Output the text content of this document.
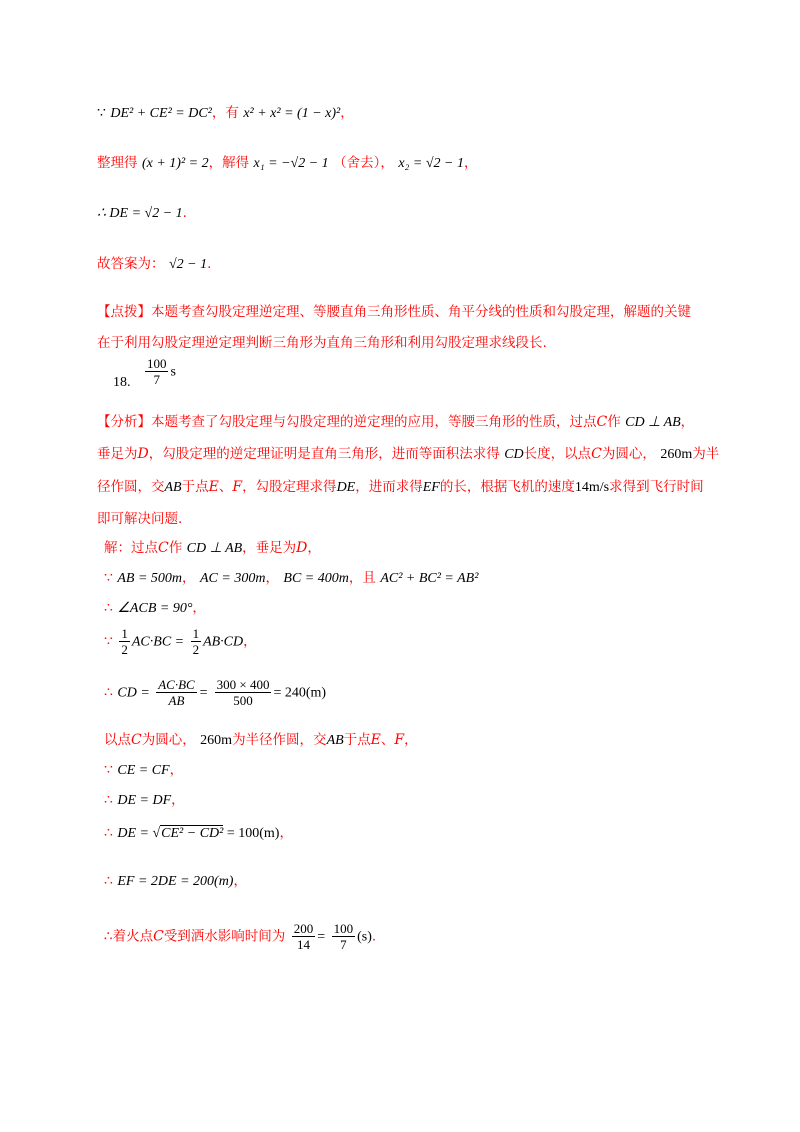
∵ DE² + CE² = DC²，有 x² + x² = (1 − x)²，
整理得 (x + 1)² = 2，解得 x₁ = −√2 − 1 （舍去）， x₂ = √2 − 1，
∴ DE = √2 − 1.
故答案为： √2 − 1.
【点拨】本题考查勾股定理逆定理、等腰直角三角形性质、角平分线的性质和勾股定理，解题的关键
在于利用勾股定理逆定理判断三角形为直角三角形和利用勾股定理求线段长.
18. $\frac{100}{7}$ s
【分析】本题考查了勾股定理与勾股定理的逆定理的应用，等腰三角形的性质，过点C作 CD ⊥ AB，
垂足为D，勾股定理的逆定理证明是直角三角形，进而等面积法求得 CD长度，以点C为圆心， 260m为半
径作圆，交AB于点E、F，勾股定理求得DE，进而求得EF的长，根据飞机的速度14m/s求得到飞行时间
即可解决问题.
解：过点C作 CD ⊥ AB，垂足为D，
∵ AB = 500m， AC = 300m， BC = 400m，且 AC² + BC² = AB²
∴ ∠ACB = 90°，
∵ $\frac{1}{2} AC\cdot BC = \frac{1}{2} AB\cdot CD$，
∴ CD = $\frac{AC\cdot BC}{AB} = \frac{300 \times 400}{500} = 240(m)$
以点C为圆心， 260m为半径作圆，交AB于点E、F，
∵ CE = CF，
∴ DE = DF，
∴ DE = √CE² − CD² = 100(m)，
∴ EF = 2DE = 200(m)，
∴着火点C受到洒水影响时间为 $\frac{200}{14} = \frac{100}{7} (s)$.
